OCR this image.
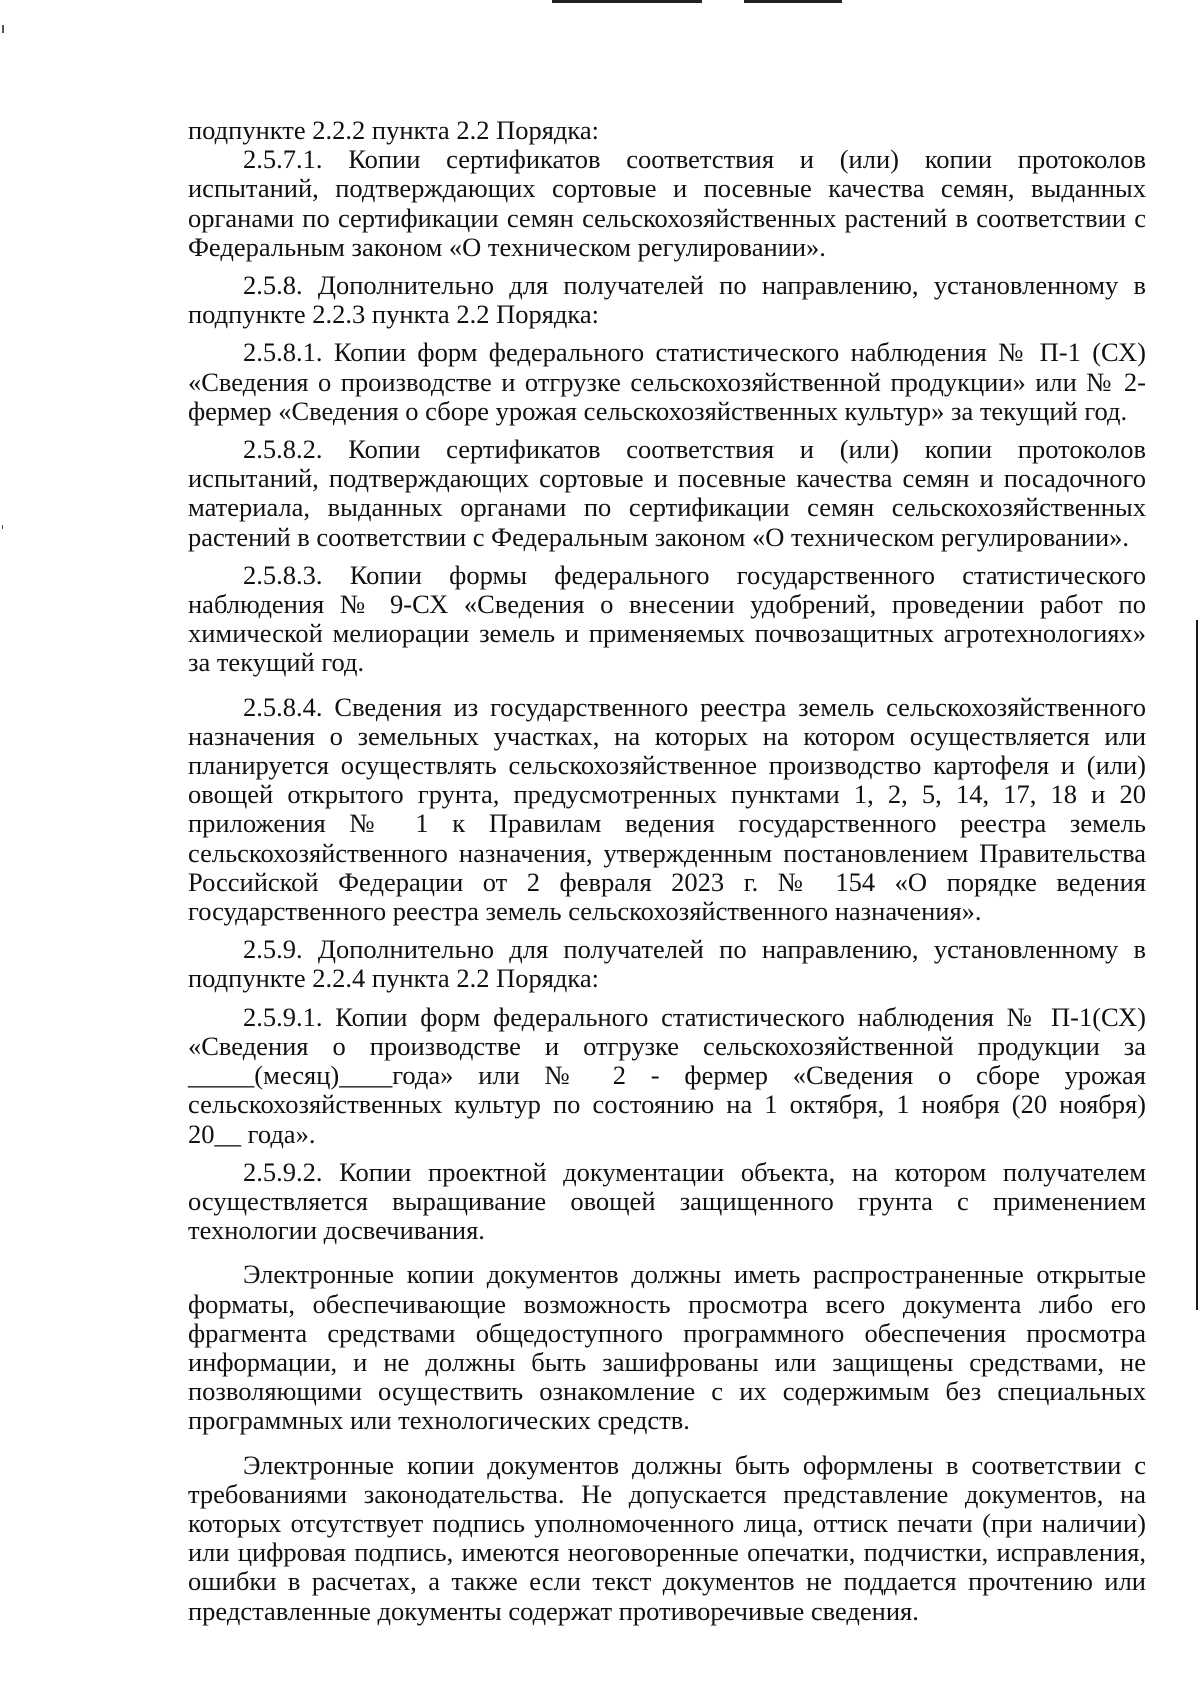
подпункте 2.2.2 пункта 2.2 Порядка:

2.5.7.1. Копии сертификатов соответствия и (или) копии протоколов испытаний, подтверждающих сортовые и посевные качества семян, выданных органами по сертификации семян сельскохозяйственных растений в соответствии с Федеральным законом «О техническом регулировании».

2.5.8. Дополнительно для получателей по направлению, установленному в подпункте 2.2.3 пункта 2.2 Порядка:

2.5.8.1. Копии форм федерального статистического наблюдения № П-1 (СХ) «Сведения о производстве и отгрузке сельскохозяйственной продукции» или № 2-фермер «Сведения о сборе урожая сельскохозяйственных культур» за текущий год.

2.5.8.2. Копии сертификатов соответствия и (или) копии протоколов испытаний, подтверждающих сортовые и посевные качества семян и посадочного материала, выданных органами по сертификации семян сельскохозяйственных растений в соответствии с Федеральным законом «О техническом регулировании».

2.5.8.3. Копии формы федерального государственного статистического наблюдения № 9-СХ «Сведения о внесении удобрений, проведении работ по химической мелиорации земель и применяемых почвозащитных агротехнологиях» за текущий год.

2.5.8.4. Сведения из государственного реестра земель сельскохозяйственного назначения о земельных участках, на которых на котором осуществляется или планируется осуществлять сельскохозяйственное производство картофеля и (или) овощей открытого грунта, предусмотренных пунктами 1, 2, 5, 14, 17, 18 и 20 приложения № 1 к Правилам ведения государственного реестра земель сельскохозяйственного назначения, утвержденным постановлением Правительства Российской Федерации от 2 февраля 2023 г. № 154 «О порядке ведения государственного реестра земель сельскохозяйственного назначения».

2.5.9. Дополнительно для получателей по направлению, установленному в подпункте 2.2.4 пункта 2.2 Порядка:

2.5.9.1. Копии форм федерального статистического наблюдения № П-1(СХ) «Сведения о производстве и отгрузке сельскохозяйственной продукции за _____(месяц)____года» или № 2 - фермер «Сведения о сборе урожая сельскохозяйственных культур по состоянию на 1 октября, 1 ноября (20 ноября) 20__ года».

2.5.9.2. Копии проектной документации объекта, на котором получателем осуществляется выращивание овощей защищенного грунта с применением технологии досвечивания.

Электронные копии документов должны иметь распространенные открытые форматы, обеспечивающие возможность просмотра всего документа либо его фрагмента средствами общедоступного программного обеспечения просмотра информации, и не должны быть зашифрованы или защищены средствами, не позволяющими осуществить ознакомление с их содержимым без специальных программных или технологических средств.

Электронные копии документов должны быть оформлены в соответствии с требованиями законодательства. Не допускается представление документов, на которых отсутствует подпись уполномоченного лица, оттиск печати (при наличии) или цифровая подпись, имеются неоговоренные опечатки, подчистки, исправления, ошибки в расчетах, а также если текст документов не поддается прочтению или представленные документы содержат противоречивые сведения.
